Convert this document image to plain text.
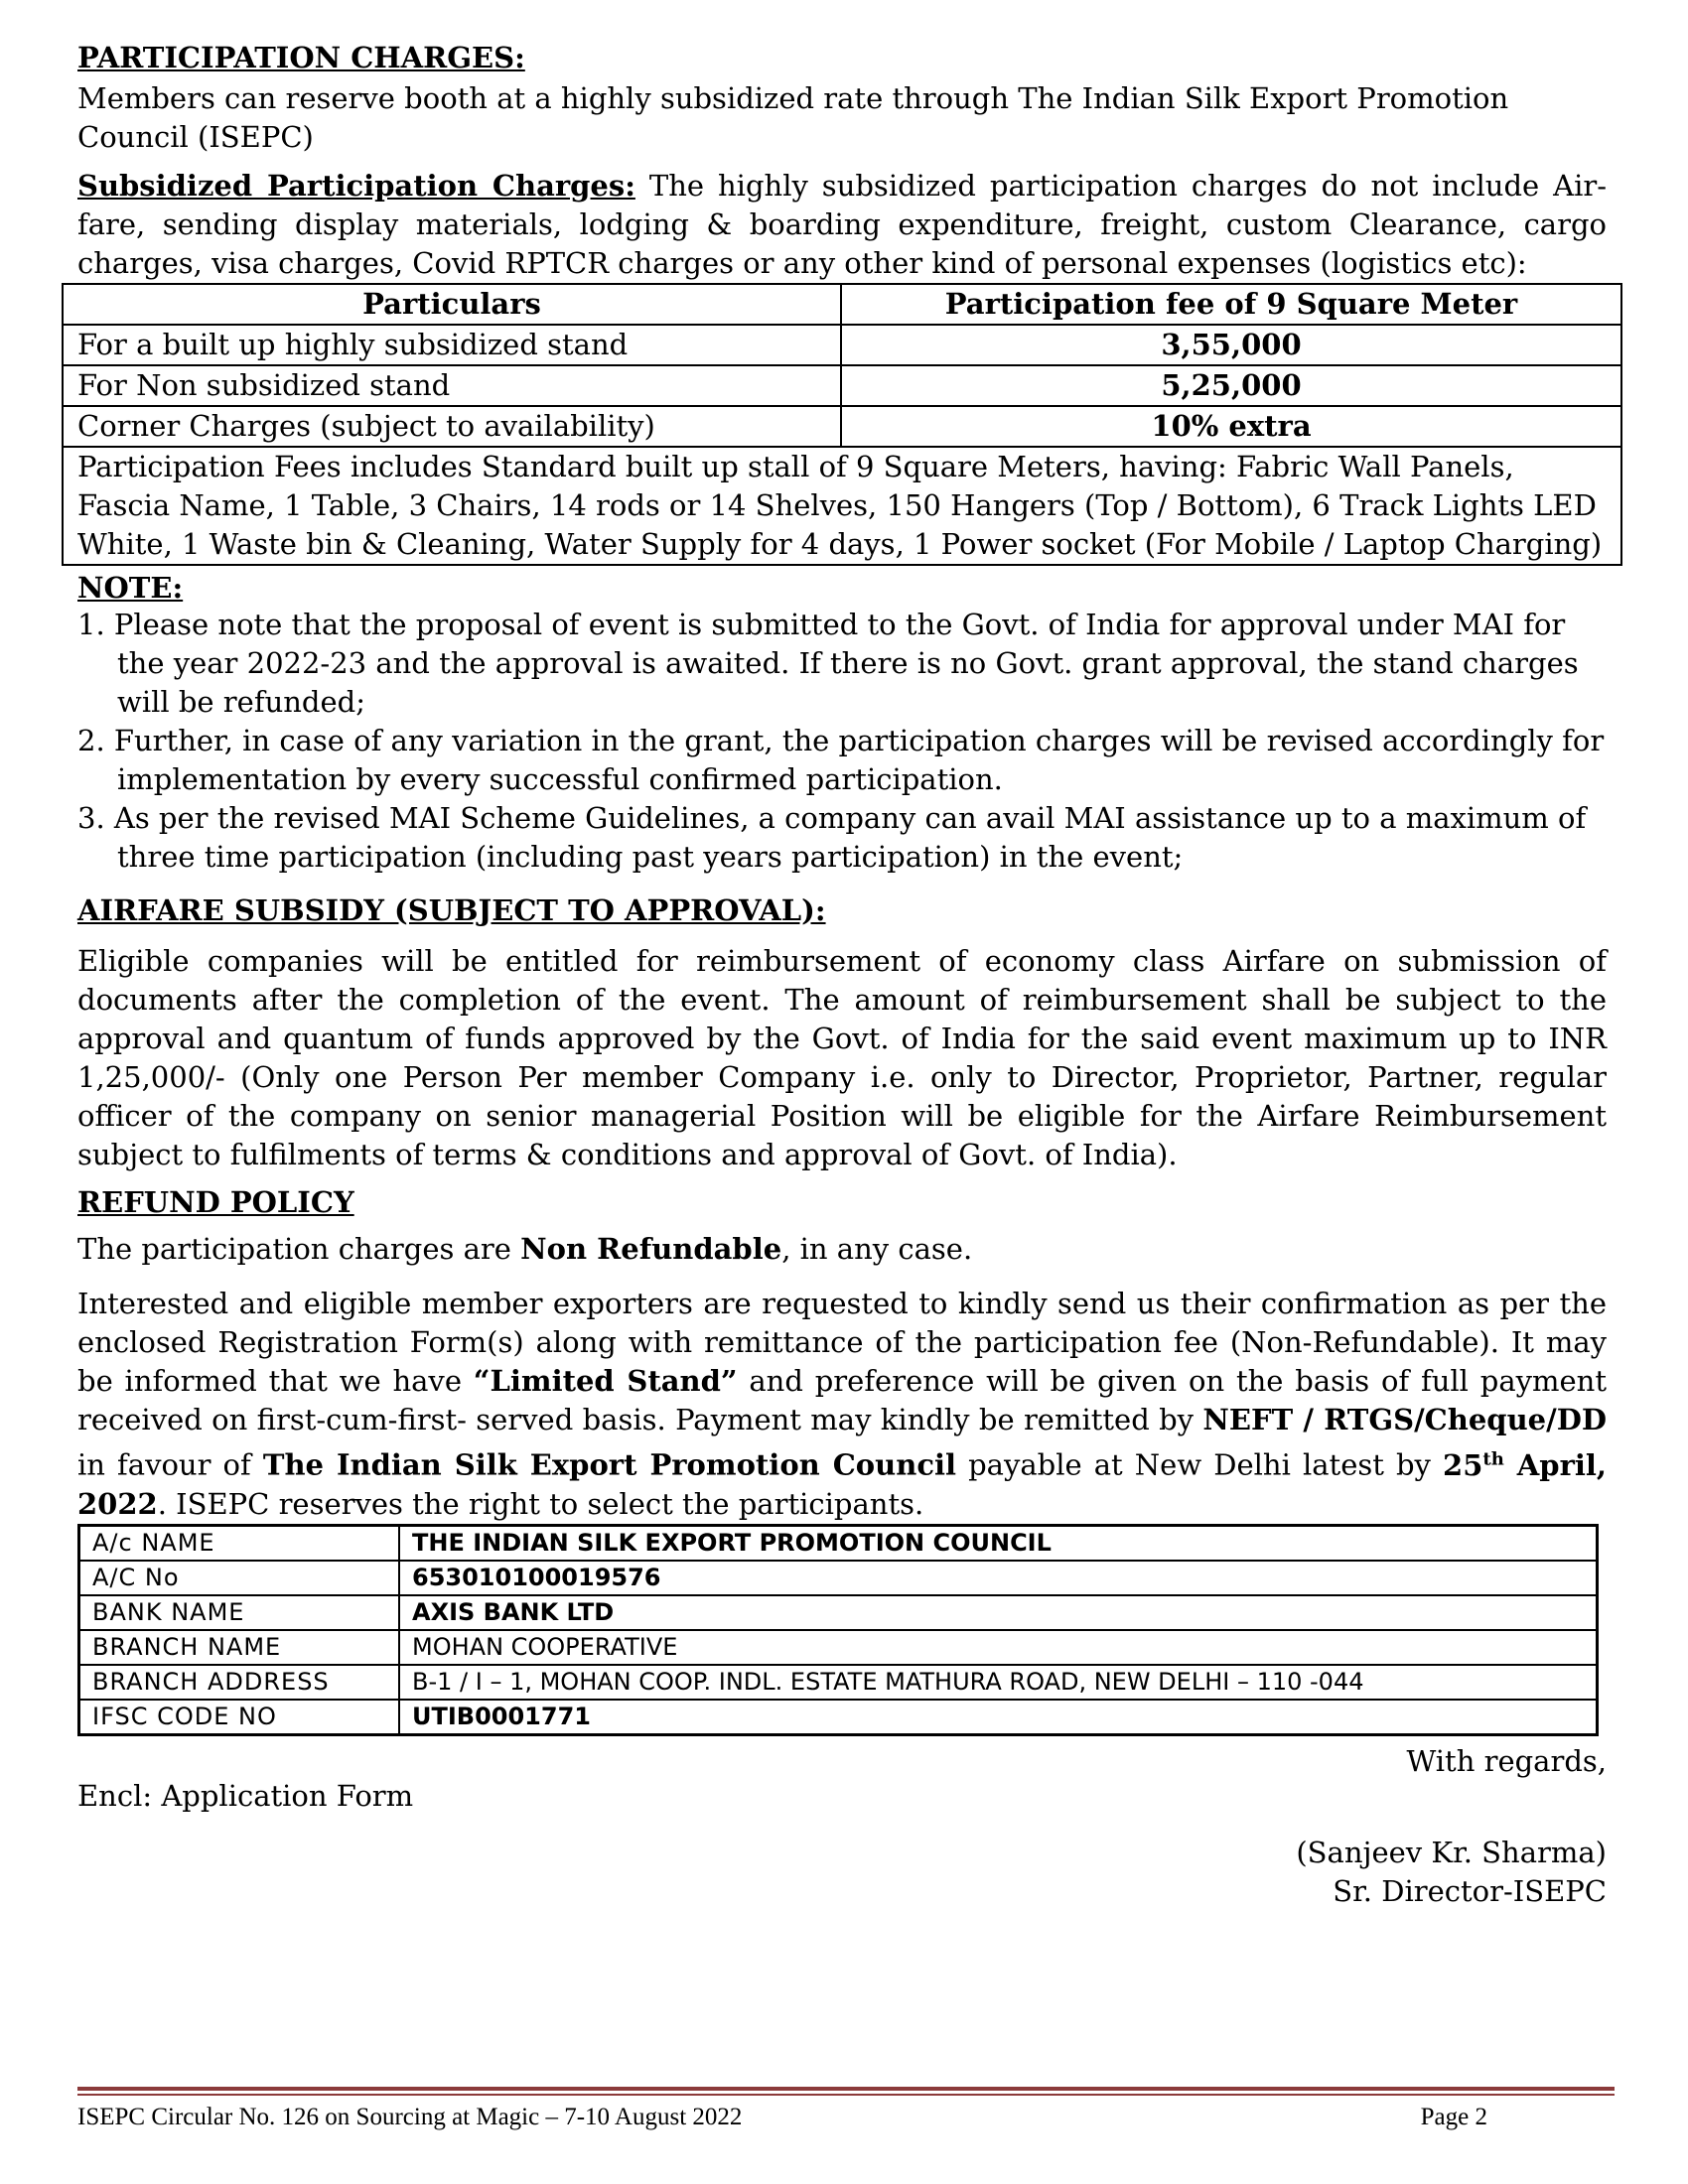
PARTICIPATION CHARGES:

Members can reserve booth at a highly subsidized rate through The Indian Silk Export Promotion Council (ISEPC)

Subsidized Participation Charges: The highly subsidized participation charges do not include Air-fare, sending display materials, lodging & boarding expenditure, freight, custom Clearance, cargo charges, visa charges, Covid RPTCR charges or any other kind of personal expenses (logistics etc):

Particulars	Participation fee of 9 Square Meter
For a built up highly subsidized stand	3,55,000
For Non subsidized stand	5,25,000
Corner Charges (subject to availability)	10% extra
Participation Fees includes Standard built up stall of 9 Square Meters, having: Fabric Wall Panels, Fascia Name, 1 Table, 3 Chairs, 14 rods or 14 Shelves, 150 Hangers (Top / Bottom), 6 Track Lights LED White, 1 Waste bin & Cleaning, Water Supply for 4 days, 1 Power socket (For Mobile / Laptop Charging)	
NOTE:
1. Please note that the proposal of event is submitted to the Govt. of India for approval under MAI for the year 2022-23 and the approval is awaited. If there is no Govt. grant approval, the stand charges will be refunded;
2. Further, in case of any variation in the grant, the participation charges will be revised accordingly for implementation by every successful confirmed participation.
3. As per the revised MAI Scheme Guidelines, a company can avail MAI assistance up to a maximum of three time participation (including past years participation) in the event;
AIRFARE SUBSIDY (SUBJECT TO APPROVAL):

Eligible companies will be entitled for reimbursement of economy class Airfare on submission of documents after the completion of the event. The amount of reimbursement shall be subject to the approval and quantum of funds approved by the Govt. of India for the said event maximum up to INR 1,25,000/- (Only one Person Per member Company i.e. only to Director, Proprietor, Partner, regular officer of the company on senior managerial Position will be eligible for the Airfare Reimbursement subject to fulfilments of terms & conditions and approval of Govt. of India).

REFUND POLICY

The participation charges are Non Refundable, in any case.

Interested and eligible member exporters are requested to kindly send us their confirmation as per the enclosed Registration Form(s) along with remittance of the participation fee (Non-Refundable). It may be informed that we have “Limited Stand” and preference will be given on the basis of full payment received on first-cum-first- served basis. Payment may kindly be remitted by NEFT / RTGS/Cheque/DD in favour of The Indian Silk Export Promotion Council payable at New Delhi latest by 25th April, 2022. ISEPC reserves the right to select the participants.

A/c NAME	THE INDIAN SILK EXPORT PROMOTION COUNCIL
A/C No	653010100019576
BANK NAME	AXIS BANK LTD
BRANCH NAME	MOHAN COOPERATIVE
BRANCH ADDRESS	B-1 / I – 1, MOHAN COOP. INDL. ESTATE MATHURA ROAD, NEW DELHI – 110 -044
IFSC CODE NO	UTIB0001771

With regards,

Encl: Application Form

(Sanjeev Kr. Sharma)

Sr. Director-ISEPC

ISEPC Circular No. 126 on Sourcing at Magic – 7-10 August 2022	Page 2
